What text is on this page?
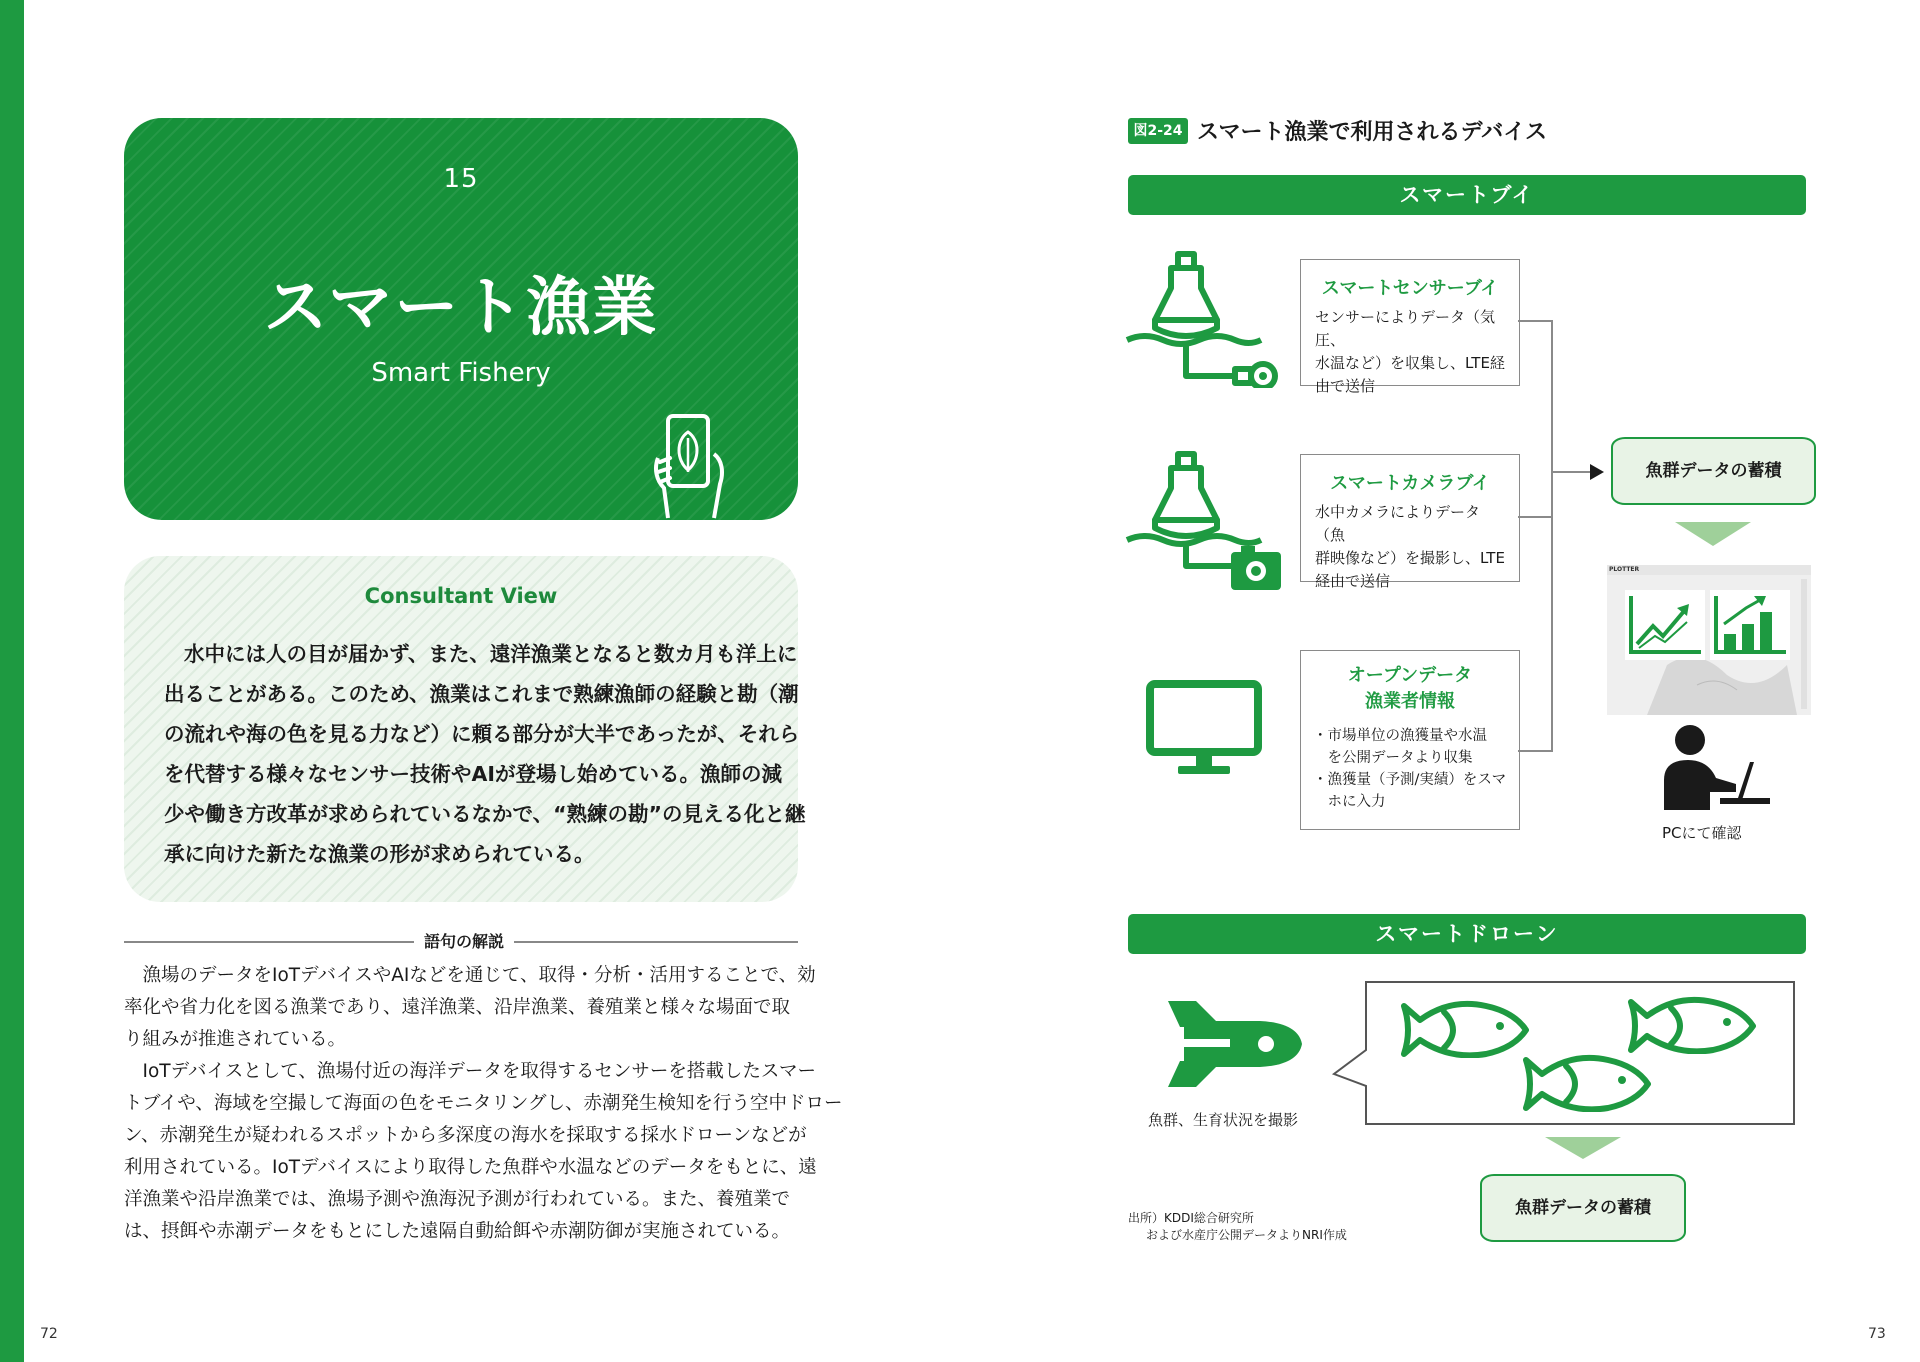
15
スマート漁業
Smart Fishery
Consultant View
水中には人の目が届かず、また、遠洋漁業となると数カ月も洋上に
出ることがある。このため、漁業はこれまで熟練漁師の経験と勘（潮
の流れや海の色を見る力など）に頼る部分が大半であったが、それら
を代替する様々なセンサー技術やAIが登場し始めている。漁師の減
少や働き方改革が求められているなかで、“熟練の勘”の見える化と継
承に向けた新たな漁業の形が求められている。
語句の解説
　漁場のデータをIoTデバイスやAIなどを通じて、取得・分析・活用することで、効
率化や省力化を図る漁業であり、遠洋漁業、沿岸漁業、養殖業と様々な場面で取
り組みが推進されている。
　IoTデバイスとして、漁場付近の海洋データを取得するセンサーを搭載したスマー
トブイや、海域を空撮して海面の色をモニタリングし、赤潮発生検知を行う空中ドロー
ン、赤潮発生が疑われるスポットから多深度の海水を採取する採水ドローンなどが
利用されている。IoTデバイスにより取得した魚群や水温などのデータをもとに、遠
洋漁業や沿岸漁業では、漁場予測や漁海況予測が行われている。また、養殖業で
は、摂餌や赤潮データをもとにした遠隔自動給餌や赤潮防御が実施されている。
72
図2-24 スマート漁業で利用されるデバイス
スマートブイ
スマートセンサーブイ
センサーによりデータ（気圧、
水温など）を収集し、LTE経
由で送信
スマートカメラブイ
水中カメラによりデータ（魚
群映像など）を撮影し、LTE
経由で送信
オープンデータ
漁業者情報
・市場単位の漁獲量や水温
　を公開データより収集
・漁獲量（予測/実績）をスマ
　ホに入力
魚群データの蓄積
PLOTTER
PCにて確認
スマートドローン
魚群、生育状況を撮影
魚群データの蓄積
出所）KDDI総合研究所
および水産庁公開データよりNRI作成
73
